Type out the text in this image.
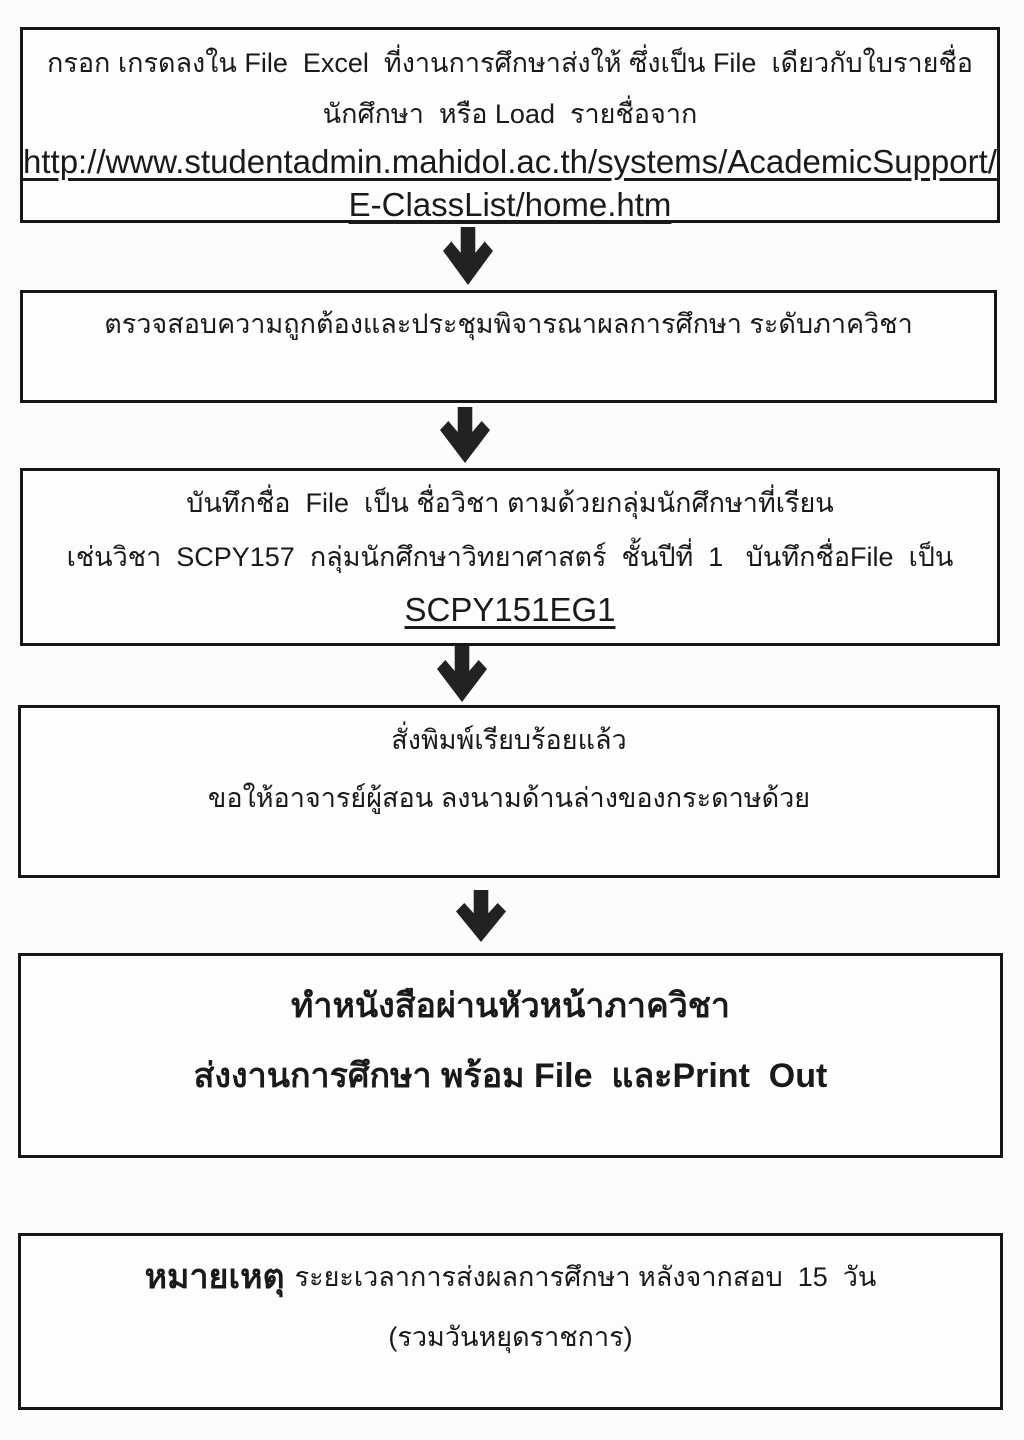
กรอก เกรดลงใน File  Excel  ที่งานการศึกษาส่งให้ ซึ่งเป็น File  เดียวกับใบรายชื่อ
นักศึกษา  หรือ Load  รายชื่อจาก
http://www.studentadmin.mahidol.ac.th/systems/AcademicSupport/
E-ClassList/home.htm
ตรวจสอบความถูกต้องและประชุมพิจารณาผลการศึกษา ระดับภาควิชา
บันทึกชื่อ  File  เป็น ชื่อวิชา ตามด้วยกลุ่มนักศึกษาที่เรียน
เช่นวิชา  SCPY157  กลุ่มนักศึกษาวิทยาศาสตร์  ชั้นปีที่  1   บันทึกชื่อFile  เป็น
SCPY151EG1
สั่งพิมพ์เรียบร้อยแล้ว
ขอให้อาจารย์ผู้สอน ลงนามด้านล่างของกระดาษด้วย
ทำหนังสือผ่านหัวหน้าภาควิชา
ส่งงานการศึกษา พร้อม File  และPrint  Out
หมายเหตุ ระยะเวลาการส่งผลการศึกษา หลังจากสอบ  15  วัน
(รวมวันหยุดราชการ)
